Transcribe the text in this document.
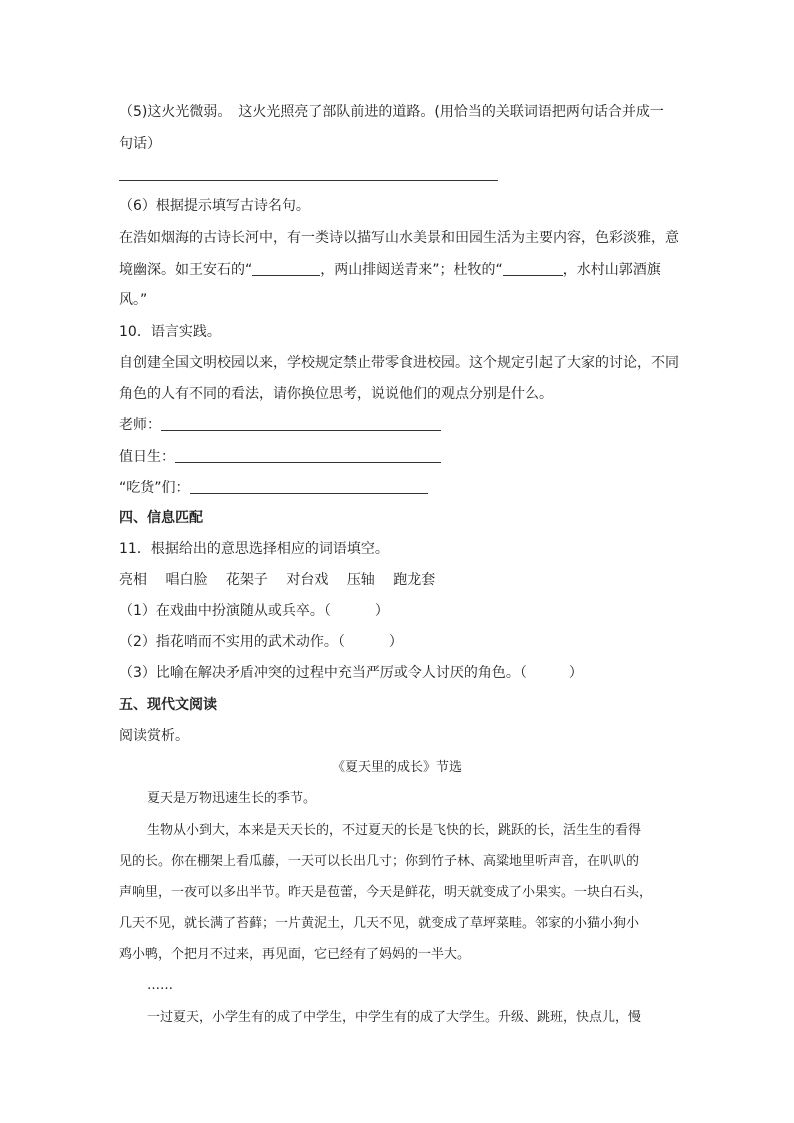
（5)这火光微弱。　这火光照亮了部队前进的道路。(用恰当的关联词语把两句话合并成一
句话）
（6）根据提示填写古诗名句。
在浩如烟海的古诗长河中，有一类诗以描写山水美景和田园生活为主要内容，色彩淡雅，意
境幽深。如王安石的“	，两山排闼送青来”；杜牧的“	，水村山郭酒旗
风。”
10．语言实践。
自创建全国文明校园以来，学校规定禁止带零食进校园。这个规定引起了大家的讨论，不同
角色的人有不同的看法，请你换位思考，说说他们的观点分别是什么。
老师：
值日生：
“吃货”们：
四、信息匹配
11．根据给出的意思选择相应的词语填空。
亮相 唱白脸 花架子 对台戏 压轴 跑龙套
（1）在戏曲中扮演随从或兵卒。（	）
（2）指花哨而不实用的武术动作。（	）
（3）比喻在解决矛盾冲突的过程中充当严厉或令人讨厌的角色。（	）
五、现代文阅读
阅读赏析。
《夏天里的成长》节选
夏天是万物迅速生长的季节。
生物从小到大，本来是天天长的，不过夏天的长是飞快的长，跳跃的长，活生生的看得
见的长。你在棚架上看瓜藤，一天可以长出几寸；你到竹子林、高粱地里听声音，在叭叭的
声响里，一夜可以多出半节。昨天是苞蕾，今天是鲜花，明天就变成了小果实。一块白石头，
几天不见，就长满了苔藓；一片黄泥土，几天不见，就变成了草坪菜畦。邻家的小猫小狗小
鸡小鸭，个把月不过来，再见面，它已经有了妈妈的一半大。
……
一过夏天，小学生有的成了中学生，中学生有的成了大学生。升级、跳班，快点儿，慢
